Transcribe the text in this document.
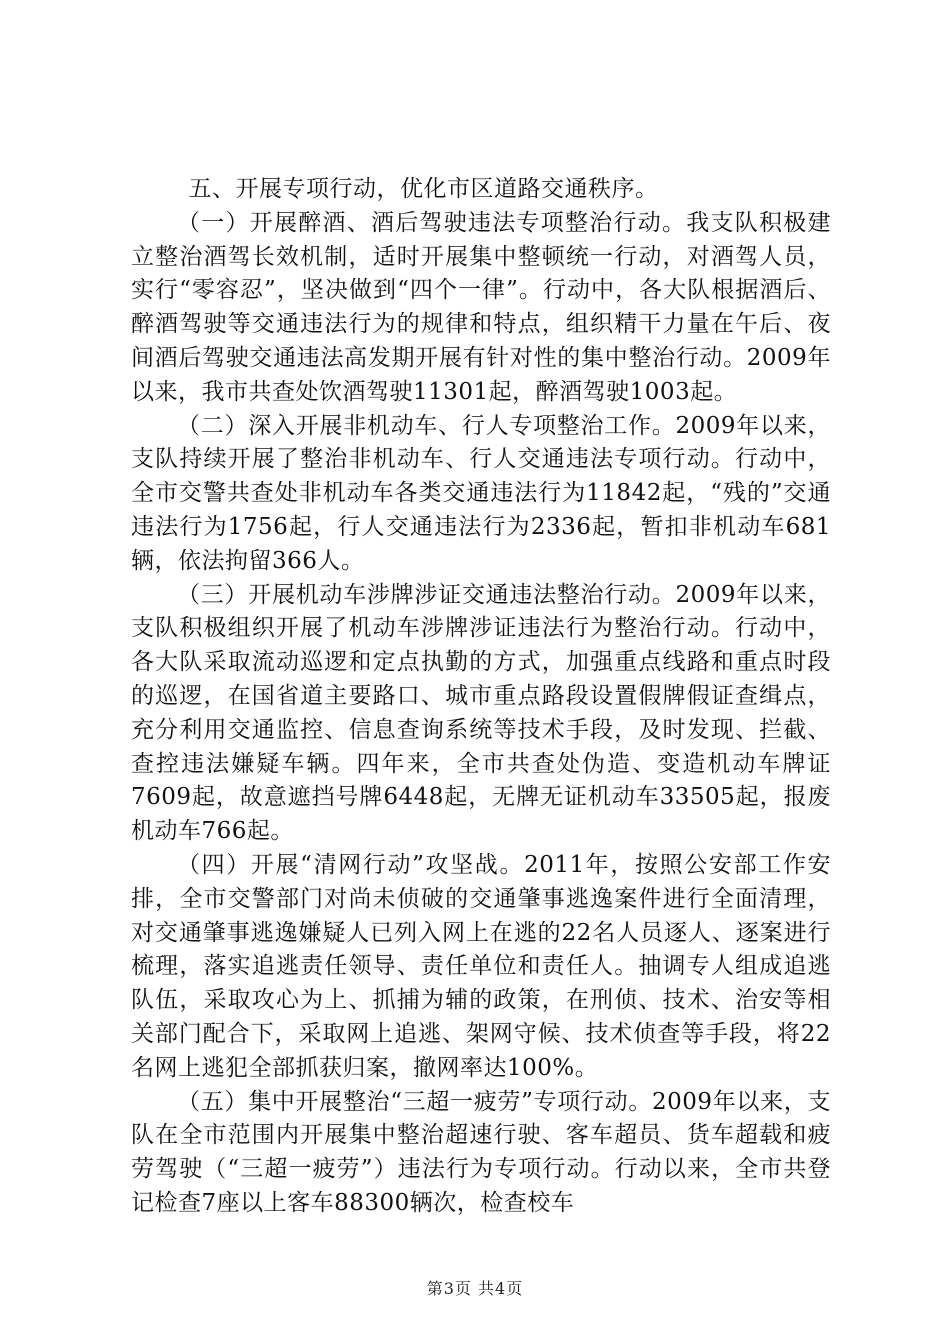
五、开展专项行动，优化市区道路交通秩序。

（一）开展醉酒、酒后驾驶违法专项整治行动。我支队积极建立整治酒驾长效机制，适时开展集中整顿统一行动，对酒驾人员，实行“零容忍”，坚决做到“四个一律”。行动中，各大队根据酒后、醉酒驾驶等交通违法行为的规律和特点，组织精干力量在午后、夜间酒后驾驶交通违法高发期开展有针对性的集中整治行动。2009年以来，我市共查处饮酒驾驶11301起，醉酒驾驶1003起。

（二）深入开展非机动车、行人专项整治工作。2009年以来，支队持续开展了整治非机动车、行人交通违法专项行动。行动中，全市交警共查处非机动车各类交通违法行为11842起，“残的”交通违法行为1756起，行人交通违法行为2336起，暂扣非机动车681辆，依法拘留366人。

（三）开展机动车涉牌涉证交通违法整治行动。2009年以来，支队积极组织开展了机动车涉牌涉证违法行为整治行动。行动中，各大队采取流动巡逻和定点执勤的方式，加强重点线路和重点时段的巡逻，在国省道主要路口、城市重点路段设置假牌假证查缉点，充分利用交通监控、信息查询系统等技术手段，及时发现、拦截、查控违法嫌疑车辆。四年来，全市共查处伪造、变造机动车牌证7609起，故意遮挡号牌6448起，无牌无证机动车33505起，报废机动车766起。

（四）开展“清网行动”攻坚战。2011年，按照公安部工作安排，全市交警部门对尚未侦破的交通肇事逃逸案件进行全面清理，对交通肇事逃逸嫌疑人已列入网上在逃的22名人员逐人、逐案进行梳理，落实追逃责任领导、责任单位和责任人。抽调专人组成追逃队伍，采取攻心为上、抓捕为辅的政策，在刑侦、技术、治安等相关部门配合下，采取网上追逃、架网守候、技术侦查等手段，将22名网上逃犯全部抓获归案，撤网率达100%。

（五）集中开展整治“三超一疲劳”专项行动。2009年以来，支队在全市范围内开展集中整治超速行驶、客车超员、货车超载和疲劳驾驶（“三超一疲劳”）违法行为专项行动。行动以来，全市共登记检查7座以上客车88300辆次，检查校车

第3页 共4页
